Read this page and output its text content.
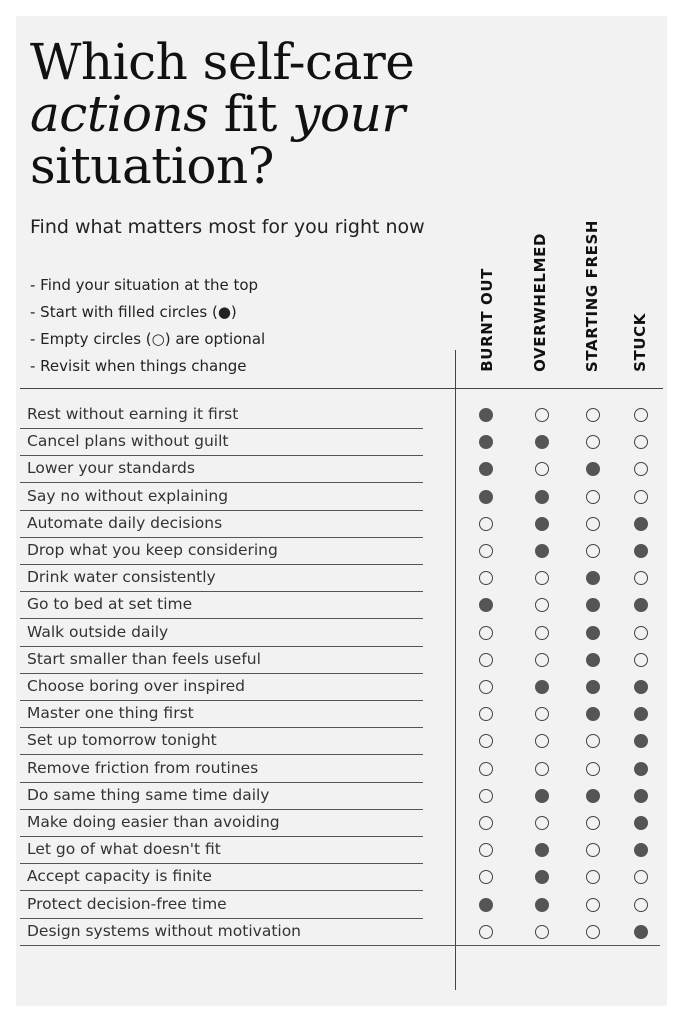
Which self-care
actions fit your
situation?

Find what matters most for you right now

- Find your situation at the top
- Start with filled circles (●)
- Empty circles (○) are optional
- Revisit when things change	BURNT OUT OVERWHELMED STARTING FRESH STUCK
Rest without earning it first
Cancel plans without guilt
Lower your standards
Say no without explaining
Automate daily decisions
Drop what you keep considering
Drink water consistently
Go to bed at set time
Walk outside daily
Start smaller than feels useful
Choose boring over inspired
Master one thing first
Set up tomorrow tonight
Remove friction from routines
Do same thing same time daily
Make doing easier than avoiding
Let go of what doesn't fit
Accept capacity is finite
Protect decision-free time
Design systems without motivation
